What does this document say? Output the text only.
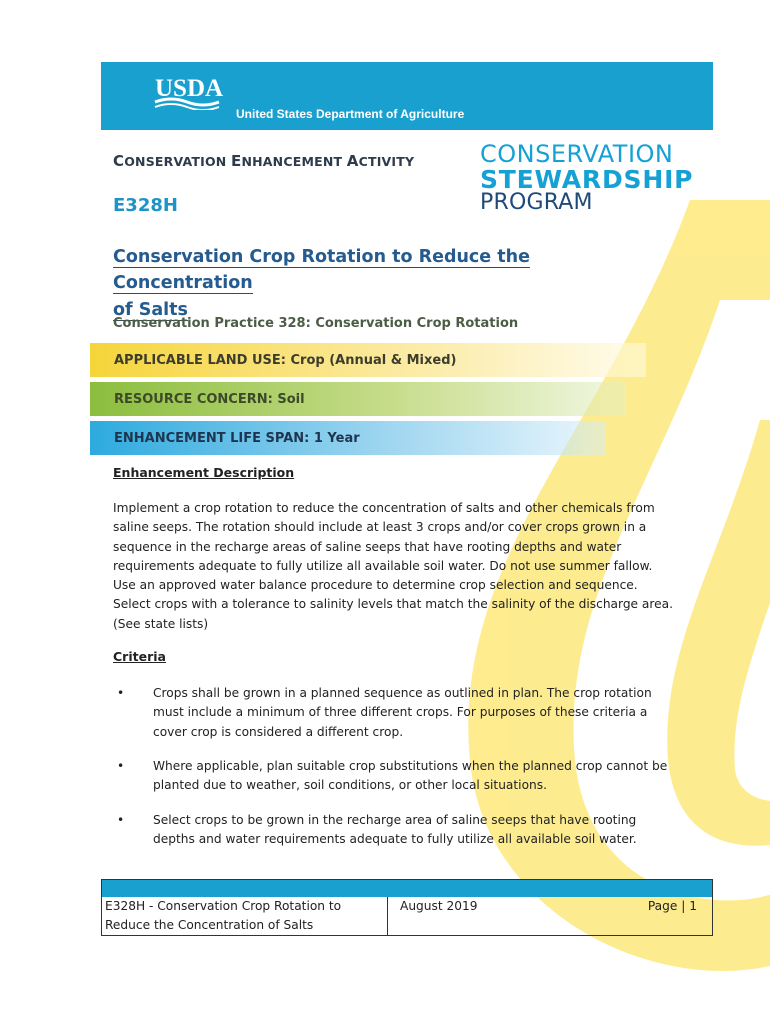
USDA
United States Department of Agriculture
CONSERVATION ENHANCEMENT ACTIVITY
E328H
CONSERVATION
STEWARDSHIP
PROGRAM
Conservation Crop Rotation to Reduce the Concentration
of Salts
Conservation Practice 328: Conservation Crop Rotation
APPLICABLE LAND USE: Crop (Annual & Mixed)
RESOURCE CONCERN: Soil
ENHANCEMENT LIFE SPAN: 1 Year
Enhancement Description
Implement a crop rotation to reduce the concentration of salts and other chemicals from
saline seeps. The rotation should include at least 3 crops and/or cover crops grown in a
sequence in the recharge areas of saline seeps that have rooting depths and water
requirements adequate to fully utilize all available soil water. Do not use summer fallow.
Use an approved water balance procedure to determine crop selection and sequence.
Select crops with a tolerance to salinity levels that match the salinity of the discharge area.
(See state lists)
Criteria
• Crops shall be grown in a planned sequence as outlined in plan. The crop rotation
must include a minimum of three different crops. For purposes of these criteria a
cover crop is considered a different crop.
• Where applicable, plan suitable crop substitutions when the planned crop cannot be
planted due to weather, soil conditions, or other local situations.
• Select crops to be grown in the recharge area of saline seeps that have rooting
depths and water requirements adequate to fully utilize all available soil water.
E328H - Conservation Crop Rotation to
Reduce the Concentration of Salts
August 2019	Page | 1
